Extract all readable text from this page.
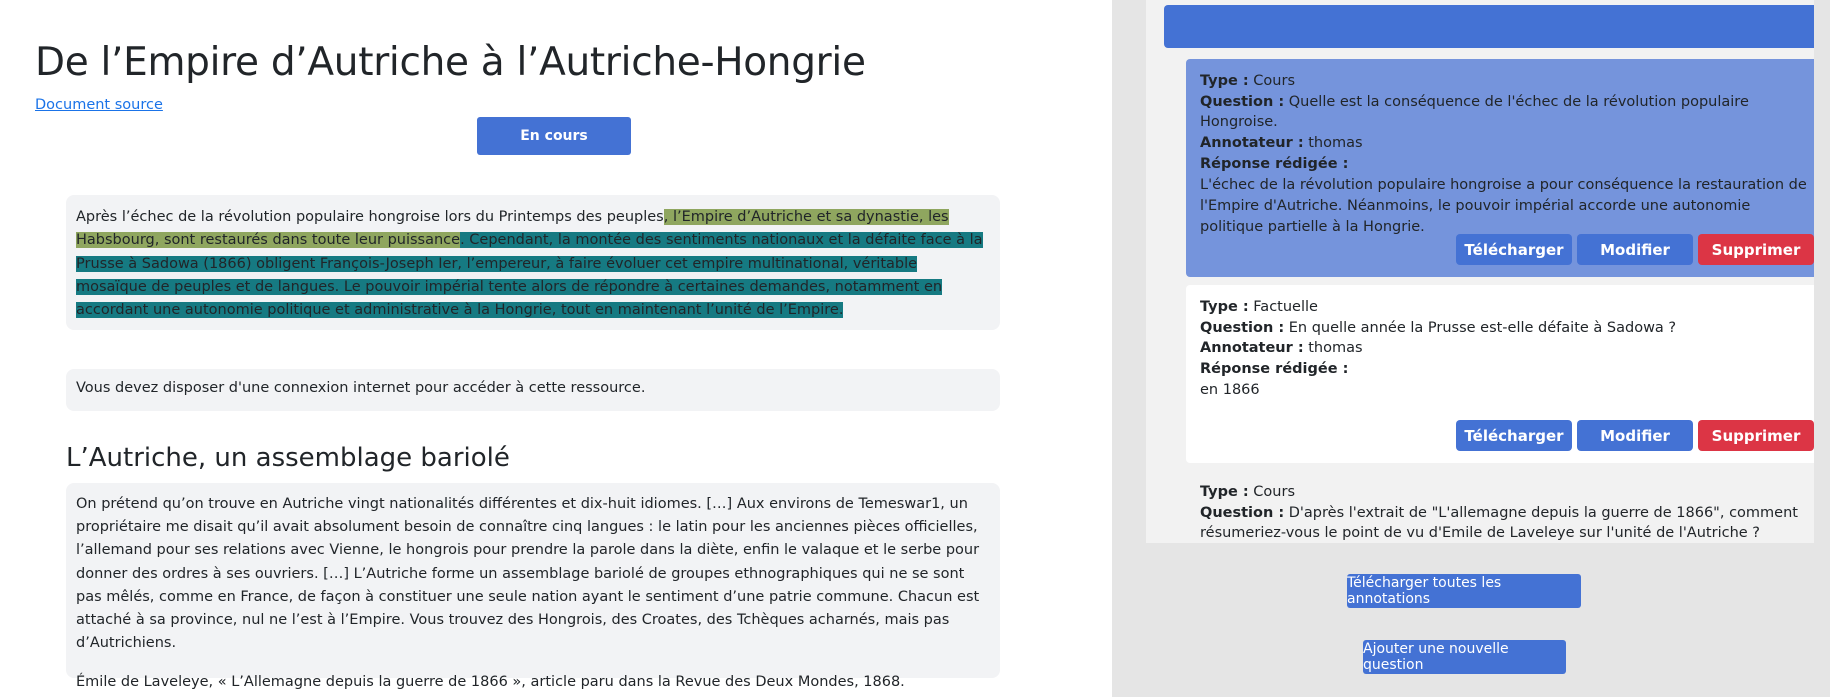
De l’Empire d’Autriche à l’Autriche-Hongrie
Document source
En cours

Après l’échec de la révolution populaire hongroise lors du Printemps des peuples, l’Empire d’Autriche et sa dynastie, les Habsbourg, sont restaurés dans toute leur puissance. Cependant, la montée des sentiments nationaux et la défaite face à la Prusse à Sadowa (1866) obligent François-Joseph Ier, l’empereur, à faire évoluer cet empire multinational, véritable mosaïque de peuples et de langues. Le pouvoir impérial tente alors de répondre à certaines demandes, notamment en accordant une autonomie politique et administrative à la Hongrie, tout en maintenant l’unité de l’Empire.

Vous devez disposer d'une connexion internet pour accéder à cette ressource.
L’Autriche, un assemblage bariolé

On prétend qu’on trouve en Autriche vingt nationalités différentes et dix-huit idiomes. […] Aux environs de Temeswar1, un propriétaire me disait qu’il avait absolument besoin de connaître cinq langues : le latin pour les anciennes pièces officielles, l’allemand pour ses relations avec Vienne, le hongrois pour prendre la parole dans la diète, enfin le valaque et le serbe pour donner des ordres à ses ouvriers. […] L’Autriche forme un assemblage bariolé de groupes ethnographiques qui ne se sont pas mêlés, comme en France, de façon à constituer une seule nation ayant le sentiment d’une patrie commune. Chacun est attaché à sa province, nul ne l’est à l’Empire. Vous trouvez des Hongrois, des Croates, des Tchèques acharnés, mais pas d’Autrichiens.

Émile de Laveleye, « L’Allemagne depuis la guerre de 1866 », article paru dans la Revue des Deux Mondes, 1868.

Type : Cours
Question : Quelle est la conséquence de l'échec de la révolution populaire Hongroise.
Annotateur : thomas
Réponse rédigée :
L'échec de la révolution populaire hongroise a pour conséquence la restauration de l'Empire d'Autriche. Néanmoins, le pouvoir impérial accorde une autonomie politique partielle à la Hongrie.
Télécharger	Modifier	Supprimer
Type : Factuelle
Question : En quelle année la Prusse est-elle défaite à Sadowa ?
Annotateur : thomas
Réponse rédigée :
en 1866
Télécharger	Modifier	Supprimer
Type : Cours
Question : D'après l'extrait de "L'allemagne depuis la guerre de 1866", comment résumeriez-vous le point de vu d'Emile de Laveleye sur l'unité de l'Autriche ?
Télécharger toutes les annotations
Ajouter une nouvelle question
